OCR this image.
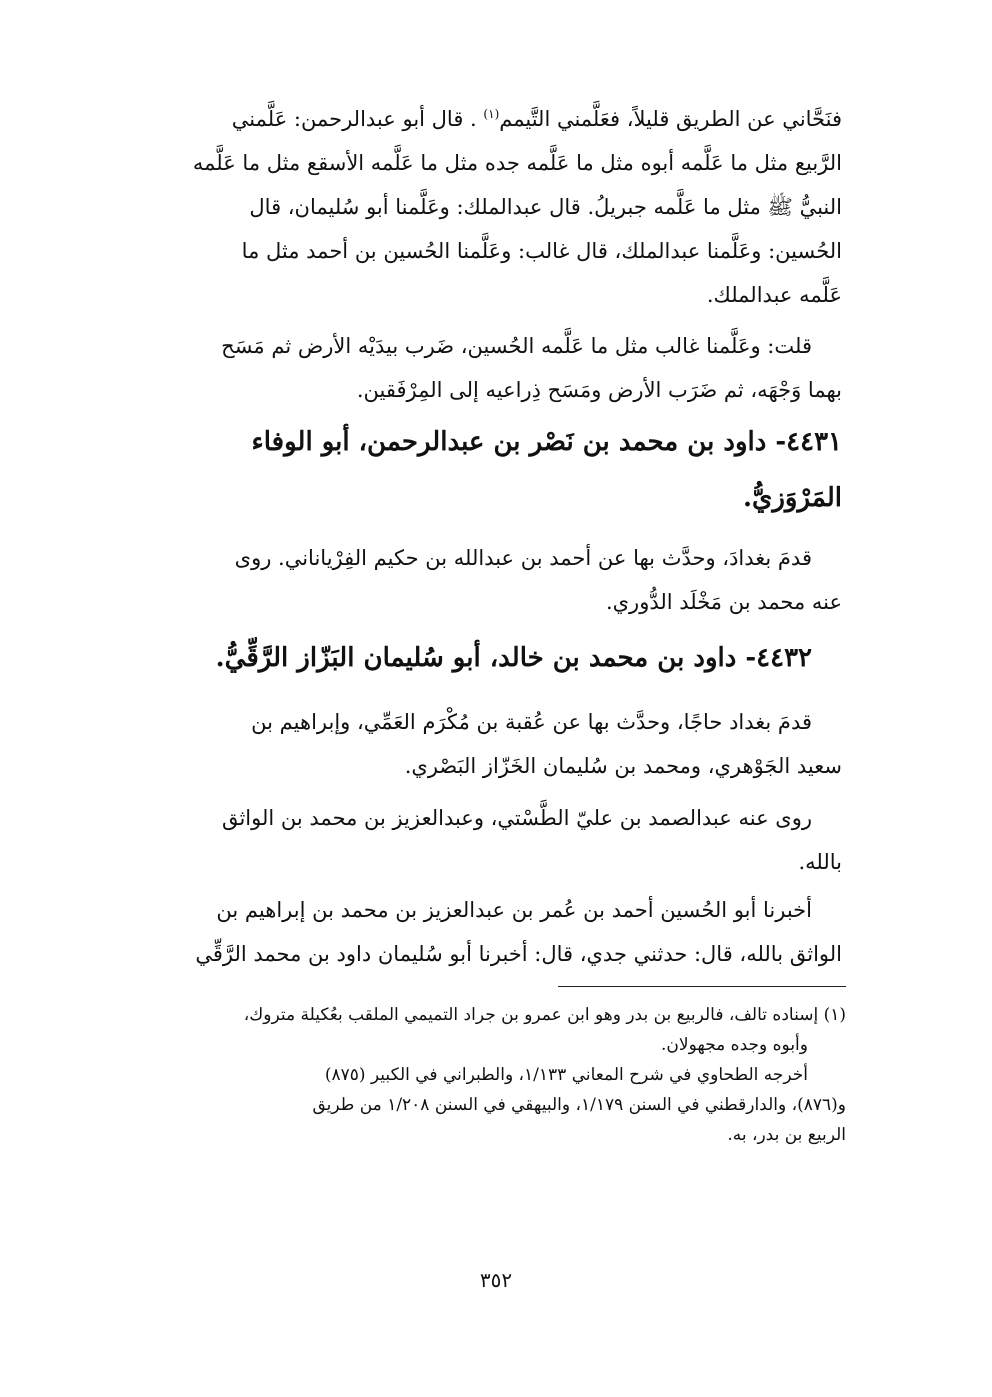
فنَحَّاني عن الطريق قليلاً، فعَلَّمني التَّيمم$^{(١)}$ . قال أبو عبدالرحمن: عَلَّمني
الرَّبيع مثل ما عَلَّمه أبوه مثل ما عَلَّمه جده مثل ما عَلَّمه الأسقع مثل ما عَلَّمه
النبيُّ ﷺ مثل ما عَلَّمه جبريلُ. قال عبدالملك: وعَلَّمنا أبو سُليمان، قال
الحُسين: وعَلَّمنا عبدالملك، قال غالب: وعَلَّمنا الحُسين بن أحمد مثل ما
عَلَّمه عبدالملك.
قلت: وعَلَّمنا غالب مثل ما عَلَّمه الحُسين، ضَرب بيدَيْه الأرض ثم مَسَح
بهما وَجْهَه، ثم ضَرَب الأرض ومَسَح ذِراعيه إلى المِرْفَقين.
٤٤٣١- داود بن محمد بن نَصْر بن عبدالرحمن، أبو الوفاء
المَرْوَزيُّ.
قدمَ بغدادَ، وحدَّث بها عن أحمد بن عبدالله بن حكيم الفِرْياناني. روى
عنه محمد بن مَخْلَد الدُّوري.
٤٤٣٢- داود بن محمد بن خالد، أبو سُليمان البَزّاز الرَّقِّيُّ.
قدمَ بغداد حاجًا، وحدَّث بها عن عُقبة بن مُكْرَم العَمِّي، وإبراهيم بن
سعيد الجَوْهري، ومحمد بن سُليمان الخَزّاز البَصْري.
روى عنه عبدالصمد بن عليّ الطَّسْتي، وعبدالعزيز بن محمد بن الواثق
بالله.
أخبرنا أبو الحُسين أحمد بن عُمر بن عبدالعزيز بن محمد بن إبراهيم بن
الواثق بالله، قال: حدثني جدي، قال: أخبرنا أبو سُليمان داود بن محمد الرَّقِّي
(١) إسناده تالف، فالربيع بن بدر وهو ابن عمرو بن جراد التميمي الملقب بعُكيلة متروك،
وأبوه وجده مجهولان.
أخرجه الطحاوي في شرح المعاني ١/١٣٣، والطبراني في الكبير (٨٧٥)
و(٨٧٦)، والدارقطني في السنن ١/١٧٩، والبيهقي في السنن ١/٢٠٨ من طريق
الربيع بن بدر، به.
٣٥٢
